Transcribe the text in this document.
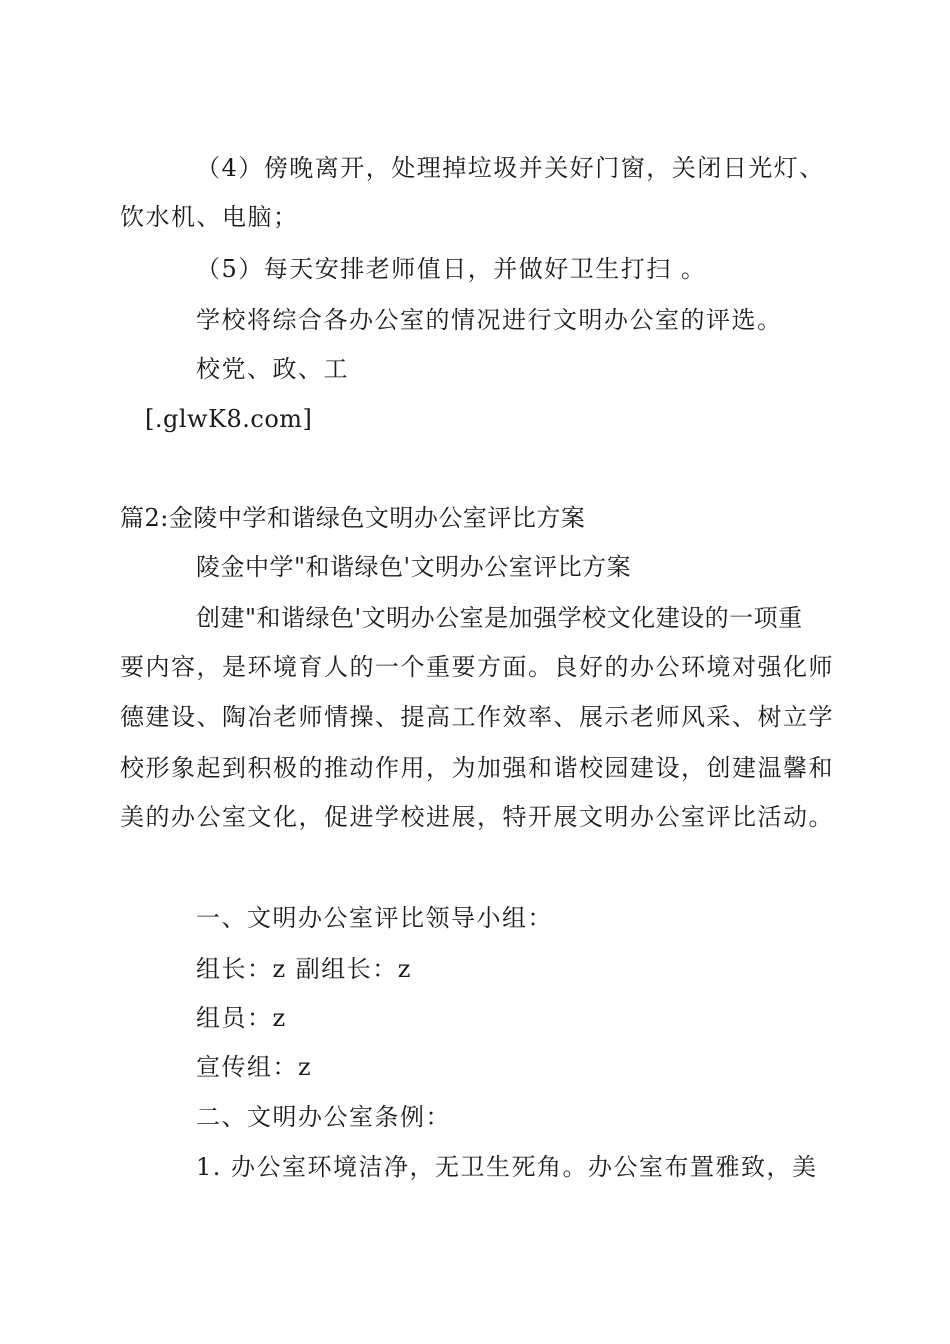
（4）傍晚离开，处理掉垃圾并关好门窗，关闭日光灯、
饮水机、电脑；
（5）每天安排老师值日，并做好卫生打扫 。
学校将综合各办公室的情况进行文明办公室的评选。
校党、政、工
[.glwK8.com]
篇2:金陵中学和谐绿色文明办公室评比方案
陵金中学"和谐绿色'文明办公室评比方案
创建"和谐绿色'文明办公室是加强学校文化建设的一项重
要内容，是环境育人的一个重要方面。良好的办公环境对强化师
德建设、陶冶老师情操、提高工作效率、展示老师风采、树立学
校形象起到积极的推动作用，为加强和谐校园建设，创建温馨和
美的办公室文化，促进学校进展，特开展文明办公室评比活动。
一、文明办公室评比领导小组：
组长：z 副组长：z
组员：z
宣传组：z
二、文明办公室条例：
1. 办公室环境洁净，无卫生死角。办公室布置雅致，美
